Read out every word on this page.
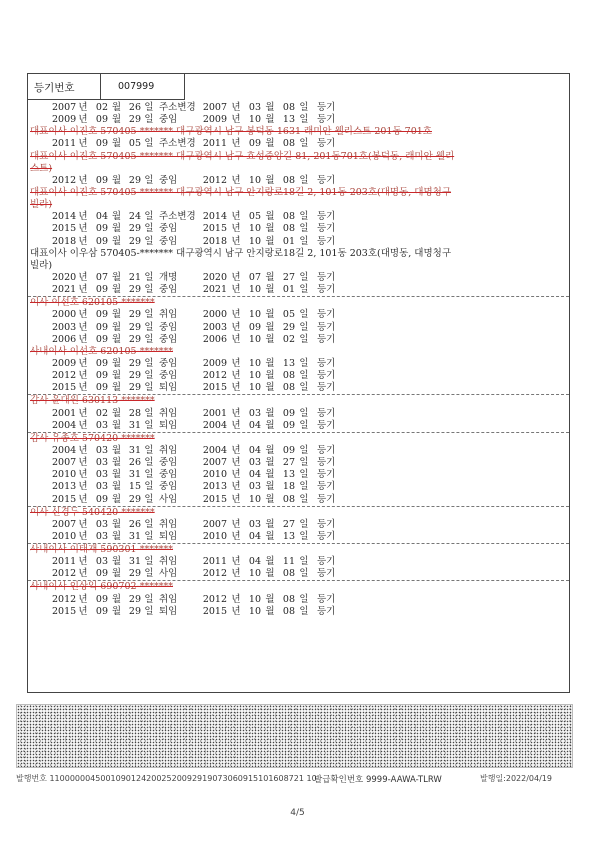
등기번호	007999
2007 년 02 월 26 일 주소변경 2007 년 03 월 08 일 등기
2009 년 09 월 29 일 중임	2009 년 10 월 13 일 등기
대표이사 이진호 570405-******* 대구광역시 남구 봉덕동 1631 래미안 웰리스트 201동 701호
2011 년 09 월 05 일 주소변경 2011 년 09 월 08 일 등기
대표이사 이진호 570405-******* 대구광역시 남구 효성중앙길 81, 201동701호(봉덕동, 래미안 웰리
스트)
2012 년 09 월 29 일 중임	2012 년 10 월 08 일 등기
대표이사 이진호 570405-******* 대구광역시 남구 안지랑로18길 2, 101동 203호(대명동, 대명청구
빌라)
2014 년 04 월 24 일 주소변경 2014 년 05 월 08 일 등기
2015 년 09 월 29 일 중임	2015 년 10 월 08 일 등기
2018 년 09 월 29 일 중임	2018 년 10 월 01 일 등기
대표이사 이우삼 570405-******* 대구광역시 남구 안지랑로18길 2, 101동 203호(대명동, 대명청구
빌라)
2020 년 07 월 21 일 개명	2020 년 07 월 27 일 등기
2021 년 09 월 29 일 중임	2021 년 10 월 01 일 등기
이사 이선호 620105-*******
2000 년 09 월 29 일 취임	2000 년 10 월 05 일 등기
2003 년 09 월 29 일 중임	2003 년 09 월 29 일 등기
2006 년 09 월 29 일 중임	2006 년 10 월 02 일 등기
사내이사 이선호 620105-*******
2009 년 09 월 29 일 중임	2009 년 10 월 13 일 등기
2012 년 09 월 29 일 중임	2012 년 10 월 08 일 등기
2015 년 09 월 29 일 퇴임	2015 년 10 월 08 일 등기
감사 윤대원 630113-*******
2001 년 02 월 28 일 취임	2001 년 03 월 09 일 등기
2004 년 03 월 31 일 퇴임	2004 년 04 월 09 일 등기
감사 유종호 570420-*******
2004 년 03 월 31 일 취임	2004 년 04 월 09 일 등기
2007 년 03 월 26 일 중임	2007 년 03 월 27 일 등기
2010 년 03 월 31 일 중임	2010 년 04 월 13 일 등기
2013 년 03 월 15 일 중임	2013 년 03 월 18 일 등기
2015 년 09 월 29 일 사임	2015 년 10 월 08 일 등기
이사 신경두 540420-*******
2007 년 03 월 26 일 취임	2007 년 03 월 27 일 등기
2010 년 03 월 31 일 퇴임	2010 년 04 월 13 일 등기
사내이사 이태재 590301-*******
2011 년 03 월 31 일 취임	2011 년 04 월 11 일 등기
2012 년 09 월 29 일 사임	2012 년 10 월 08 일 등기
사내이사 인상익 690702-*******
2012 년 09 월 29 일 취임	2012 년 10 월 08 일 등기
2015 년 09 월 29 일 퇴임	2015 년 10 월 08 일 등기
발행번호 110000004500109012420025200929190730609151016087​21 10
발급확인번호 9999-AAWA-TLRW	발행일:2022/04/19
4/5
